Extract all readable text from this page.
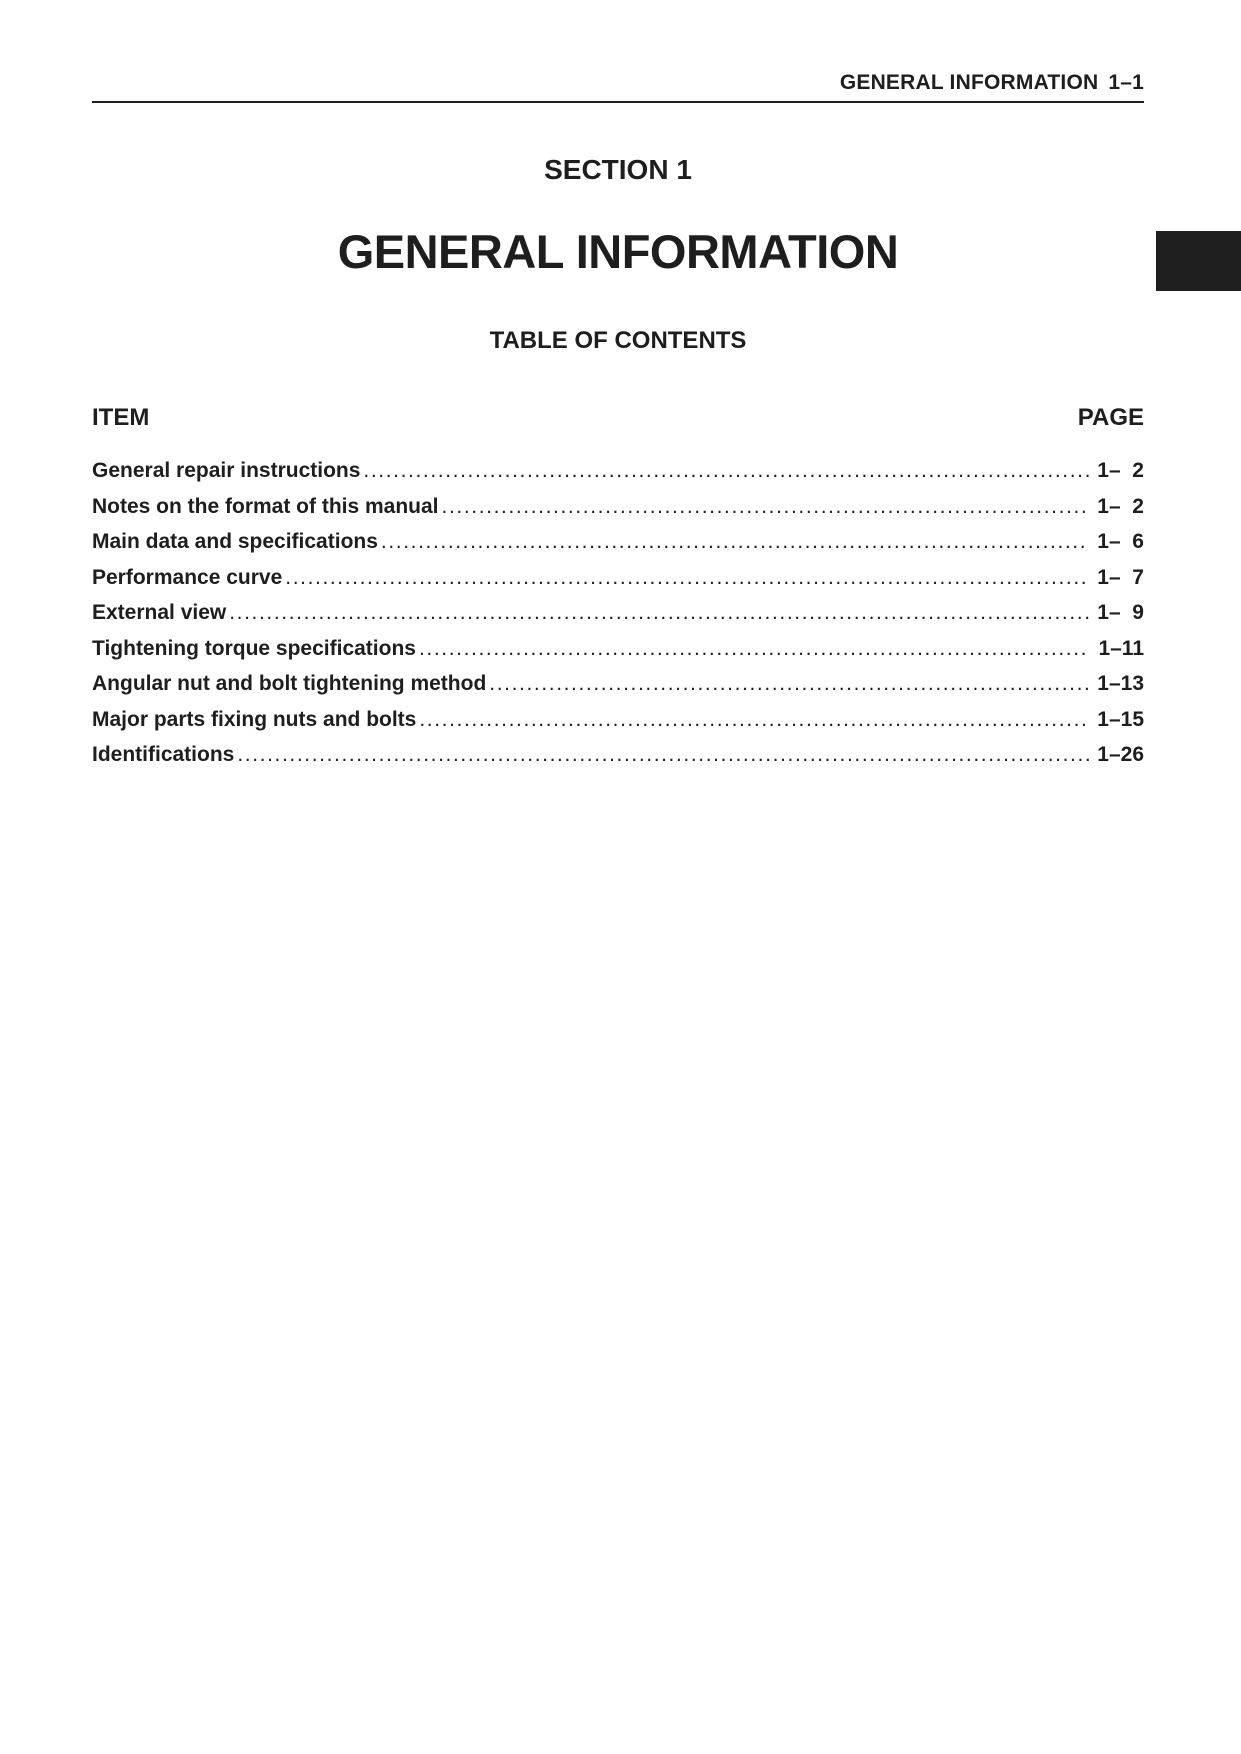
GENERAL INFORMATION 1–1
SECTION 1
GENERAL INFORMATION
TABLE OF CONTENTS
ITEM	PAGE
General repair instructions .....	1–  2
Notes on the format of this manual .....	1–  2
Main data and specifications .....	1–  6
Performance curve .....	1–  7
External view .....	1–  9
Tightening torque specifications .....	1–11
Angular nut and bolt tightening method .....	1–13
Major parts fixing nuts and bolts .....	1–15
Identifications .....	1–26
